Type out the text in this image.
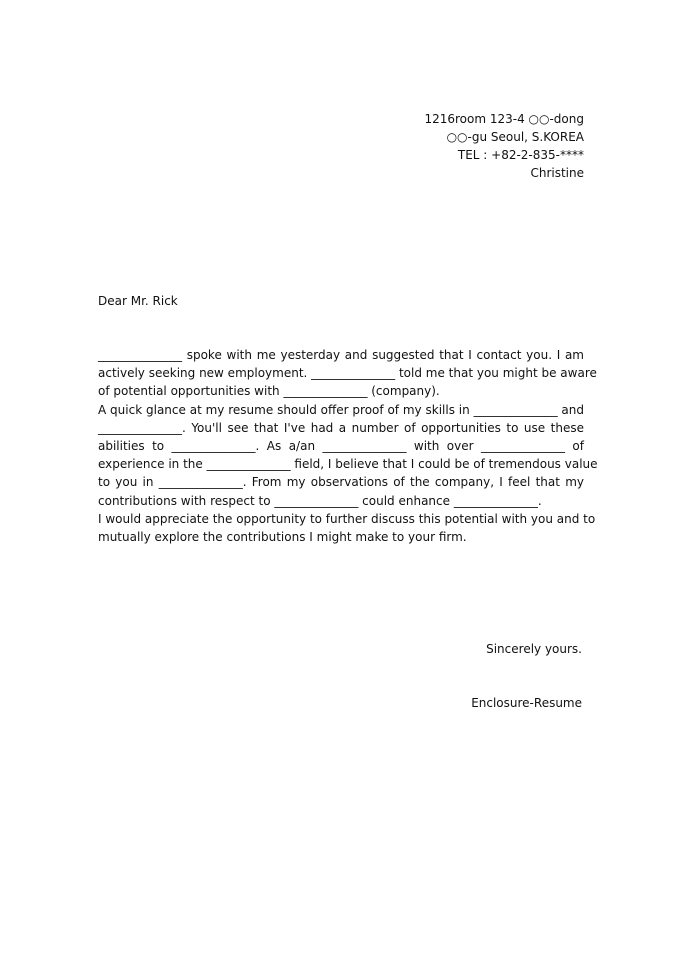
1216room 123-4 ○○-dong
○○-gu Seoul, S.KOREA
TEL : +82-2-835-****
Christine
Dear Mr. Rick
______________ spoke with me yesterday and suggested that I contact you. I am
actively seeking new employment. ______________ told me that you might be aware
of potential opportunities with ______________ (company).
A quick glance at my resume should offer proof of my skills in ______________ and
______________. You'll see that I've had a number of opportunities to use these
abilities to ______________. As a/an ______________ with over ______________ of
experience in the ______________ field, I believe that I could be of tremendous value
to you in ______________. From my observations of the company, I feel that my
contributions with respect to ______________ could enhance ______________.
I would appreciate the opportunity to further discuss this potential with you and to
mutually explore the contributions I might make to your firm.
Sincerely yours.
Enclosure-Resume
